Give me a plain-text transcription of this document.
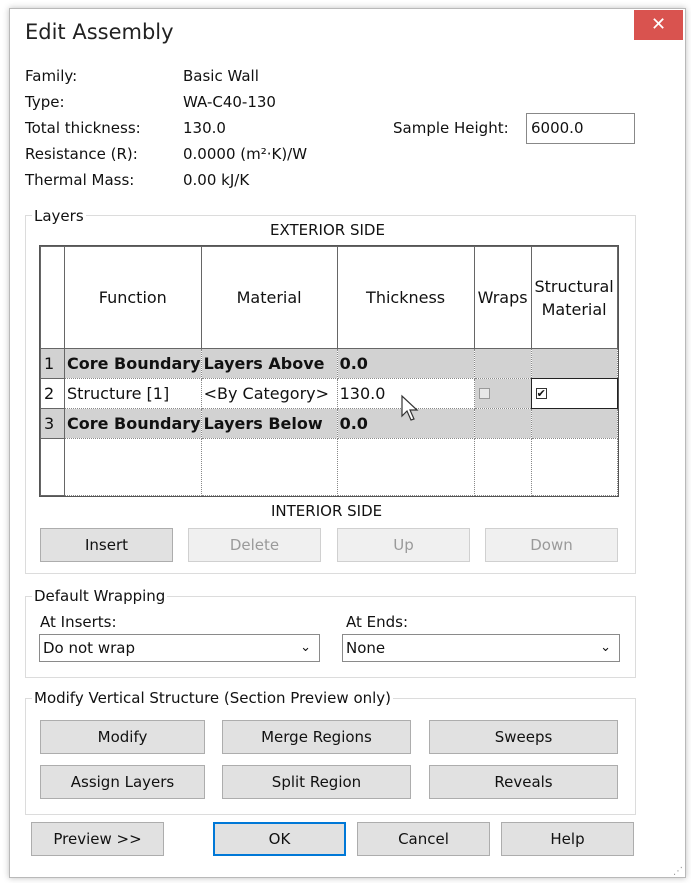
Edit Assembly	✕
Family:	Basic Wall
Type:	WA-C40-130
Total thickness:	130.0
Resistance (R):	0.0000 (m²·K)/W
Thermal Mass:	0.00 kJ/K
Sample Height:	6000.0
Layers
EXTERIOR SIDE
	Function	Material	Thickness	Wraps	Structural Material
1	Core Boundary	Layers Above	0.0		
2	Structure [1]	<By Category>	130.0		✔
3	Core Boundary	Layers Below	0.0		

INTERIOR SIDE
Insert	Delete	Up	Down
Default Wrapping
At Inserts:
Do not wrap	⌄
At Ends:
None	⌄
Modify Vertical Structure (Section Preview only)
Modify	Merge Regions	Sweeps
Assign Layers	Split Region	Reveals
Preview >>	OK	Cancel	Help
⋰
